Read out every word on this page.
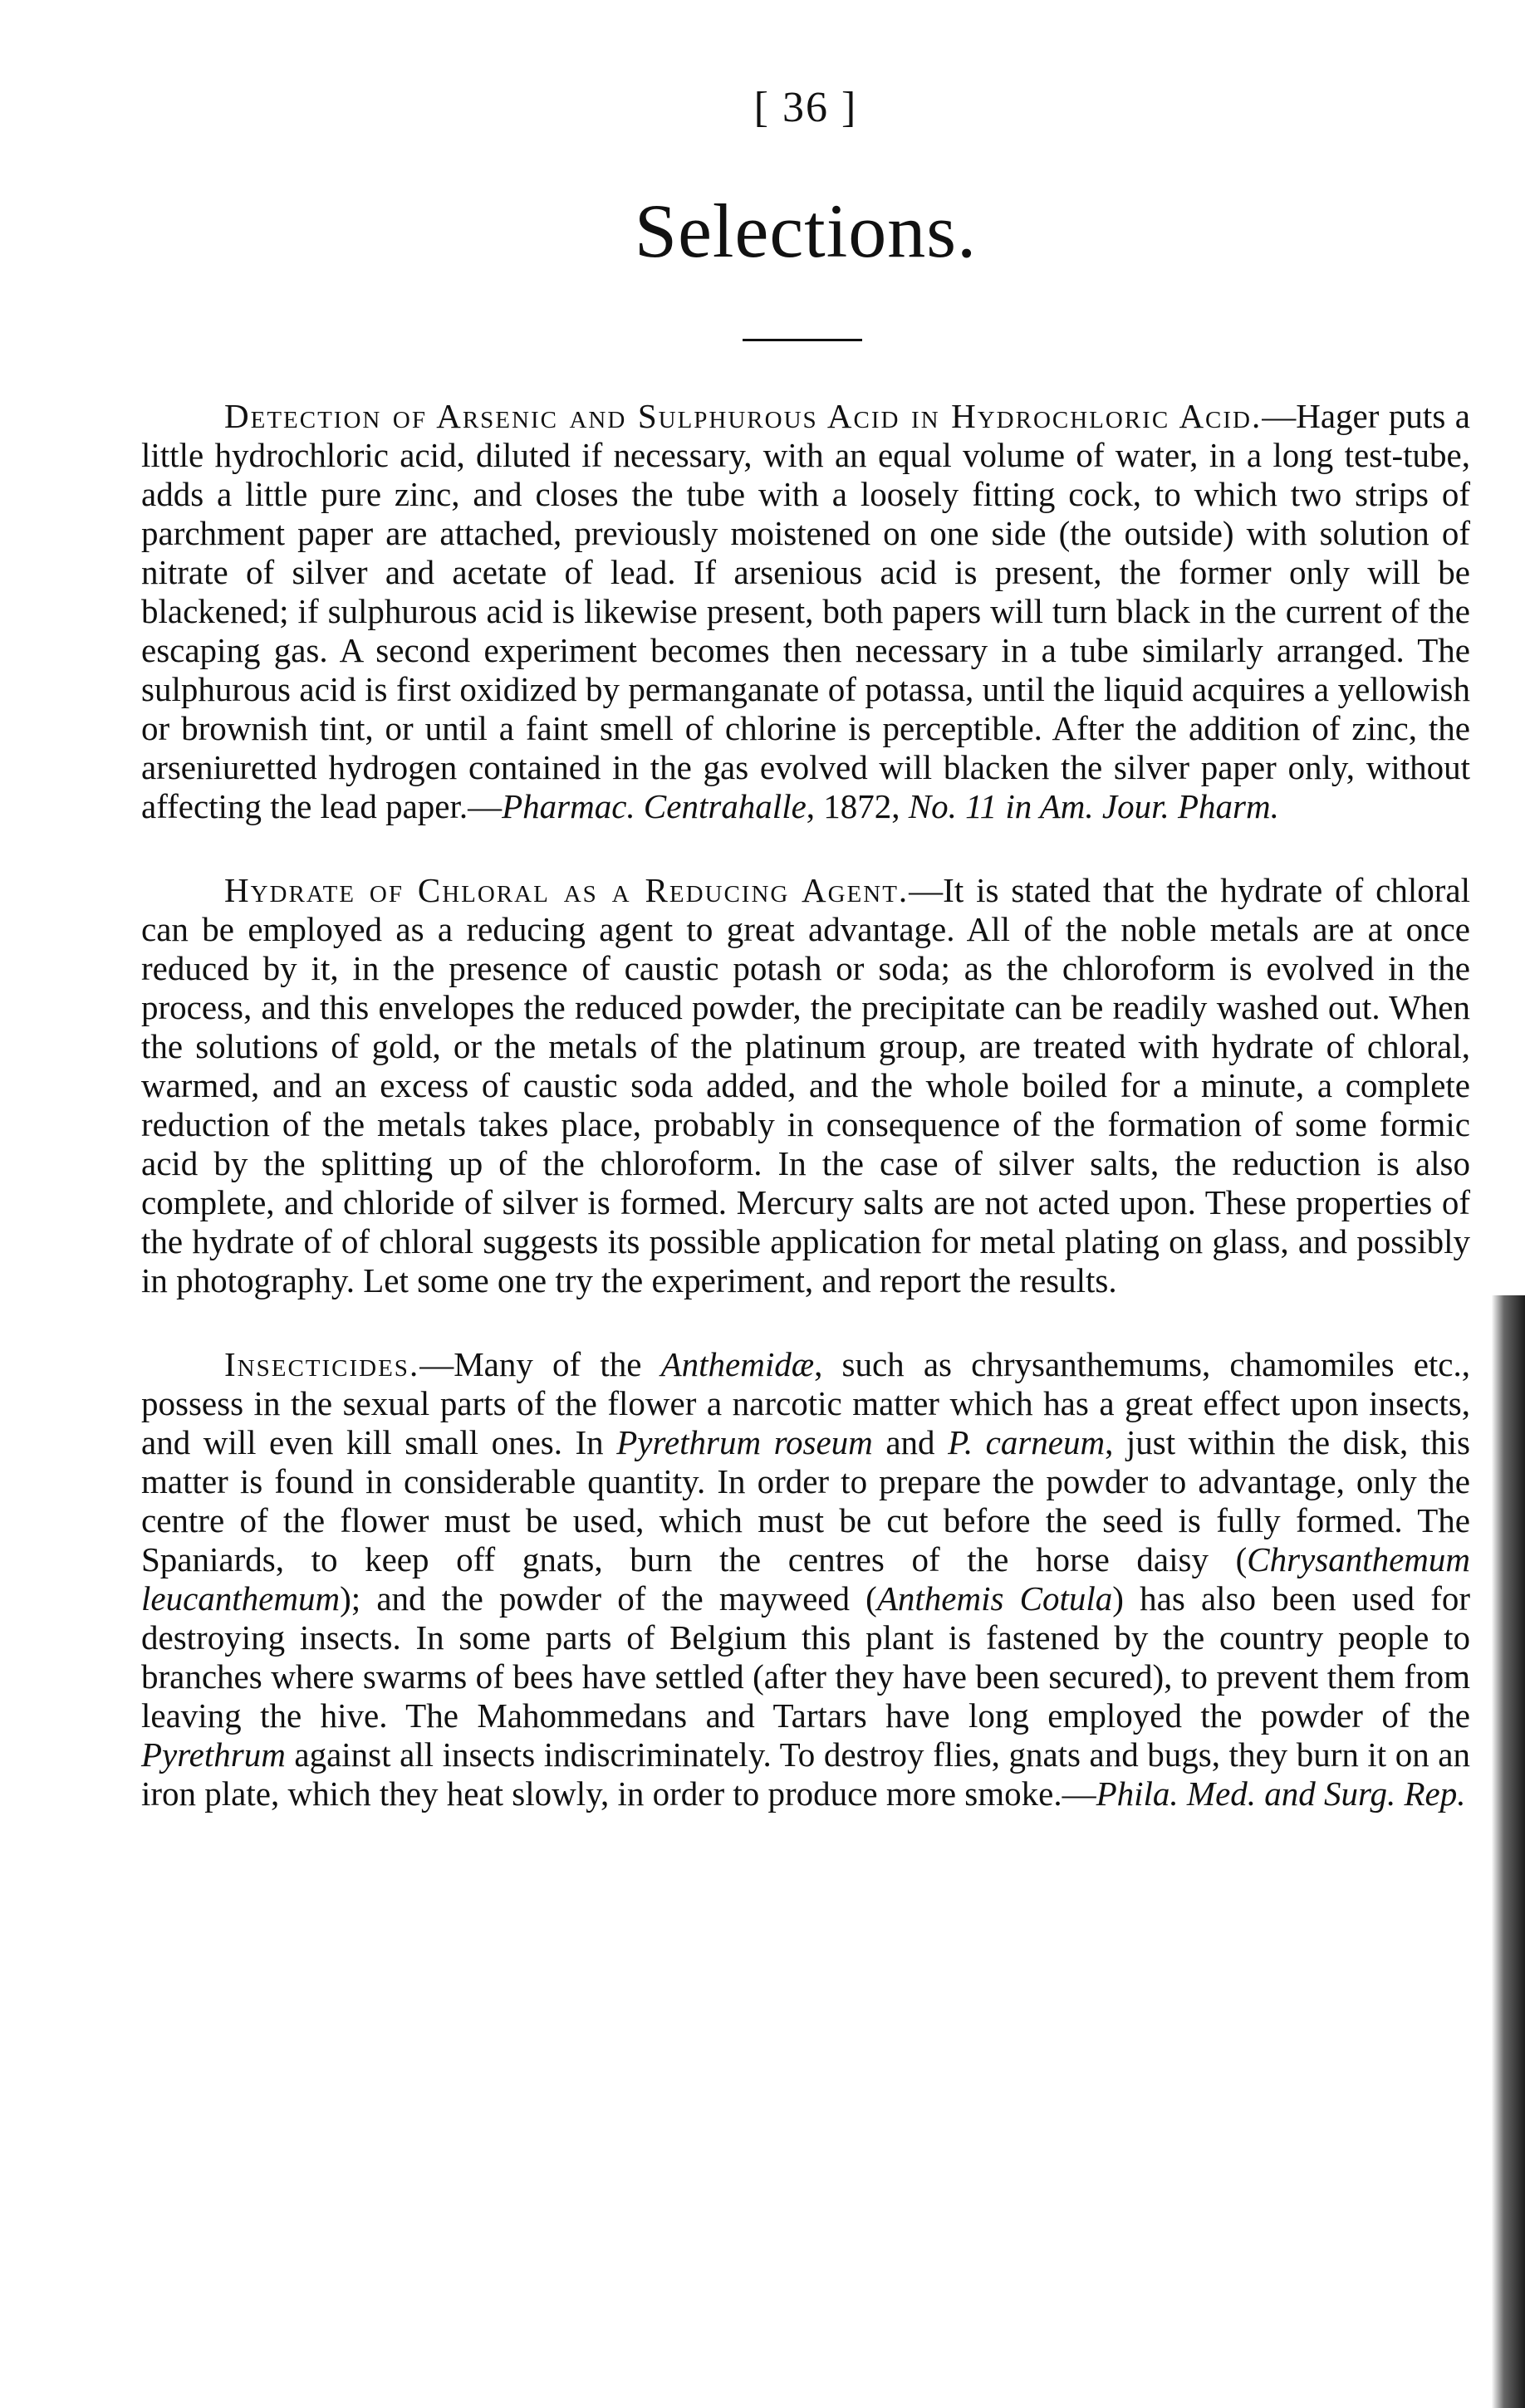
[ 36 ]
Selections.

Detection of Arsenic and Sulphurous Acid in Hydrochloric Acid.—Hager puts a little hydrochloric acid, diluted if necessary, with an equal volume of water, in a long test-tube, adds a little pure zinc, and closes the tube with a loosely fitting cock, to which two strips of parchment paper are attached, previously moistened on one side (the outside) with solution of nitrate of silver and acetate of lead. If arsenious acid is present, the former only will be blackened; if sulphurous acid is likewise present, both papers will turn black in the current of the escaping gas. A second experiment becomes then necessary in a tube similarly arranged. The sulphurous acid is first oxidized by permanganate of potassa, until the liquid acquires a yellowish or brownish tint, or until a faint smell of chlorine is perceptible. After the addition of zinc, the arseniuretted hydrogen contained in the gas evolved will blacken the silver paper only, without affecting the lead paper.—Pharmac. Centrahalle, 1872, No. 11 in Am. Jour. Pharm.

Hydrate of Chloral as a Reducing Agent.—It is stated that the hydrate of chloral can be employed as a reducing agent to great advantage. All of the noble metals are at once reduced by it, in the presence of caustic potash or soda; as the chloroform is evolved in the process, and this envelopes the reduced powder, the precipitate can be readily washed out. When the solutions of gold, or the metals of the platinum group, are treated with hydrate of chloral, warmed, and an excess of caustic soda added, and the whole boiled for a minute, a complete reduction of the metals takes place, probably in consequence of the formation of some formic acid by the splitting up of the chloroform. In the case of silver salts, the reduction is also complete, and chloride of silver is formed. Mercury salts are not acted upon. These properties of the hydrate of of chloral suggests its possible application for metal plating on glass, and possibly in photography. Let some one try the experiment, and report the results.

Insecticides.—Many of the Anthemidæ, such as chrysanthemums, chamomiles etc., possess in the sexual parts of the flower a narcotic matter which has a great effect upon insects, and will even kill small ones. In Pyrethrum roseum and P. carneum, just within the disk, this matter is found in considerable quantity. In order to prepare the powder to advantage, only the centre of the flower must be used, which must be cut before the seed is fully formed. The Spaniards, to keep off gnats, burn the centres of the horse daisy (Chrysanthemum leucanthemum); and the powder of the mayweed (Anthemis Cotula) has also been used for destroying insects. In some parts of Belgium this plant is fastened by the country people to branches where swarms of bees have settled (after they have been secured), to prevent them from leaving the hive. The Mahommedans and Tartars have long employed the powder of the Pyrethrum against all insects indiscriminately. To destroy flies, gnats and bugs, they burn it on an iron plate, which they heat slowly, in order to produce more smoke.—Phila. Med. and Surg. Rep.
